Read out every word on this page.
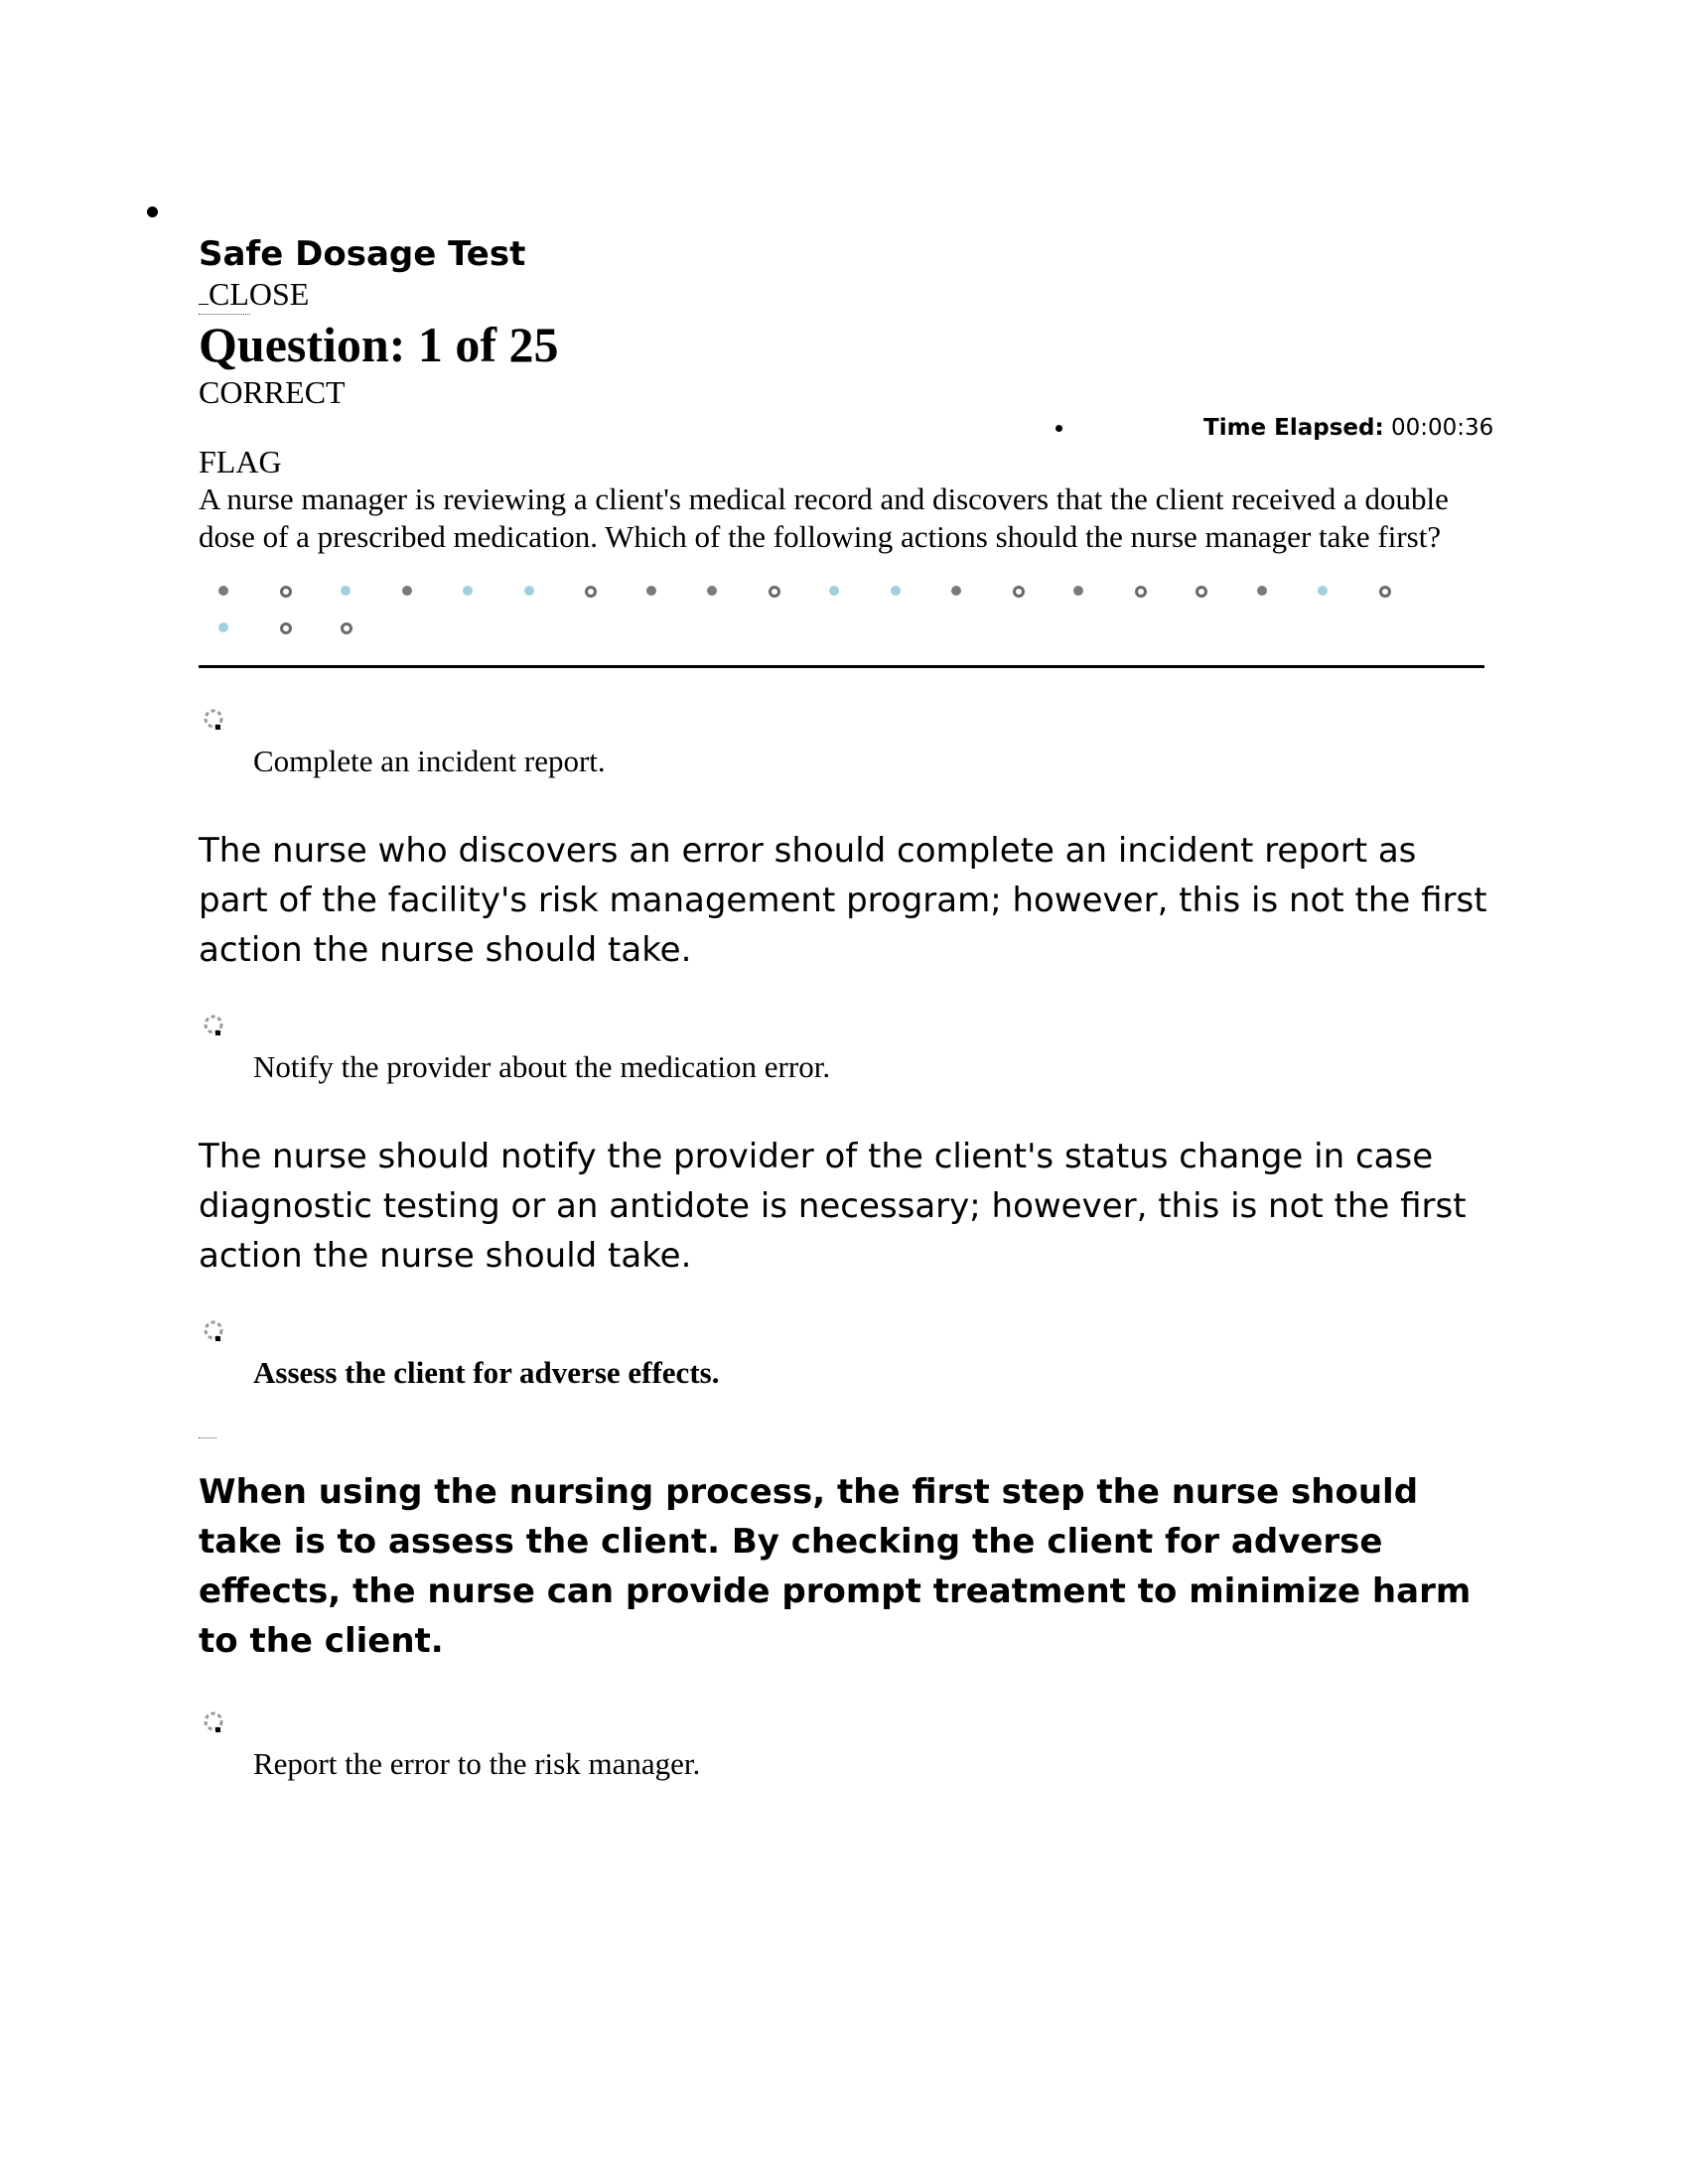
Safe Dosage Test
CLOSE
Question: 1 of 25
CORRECT
Time Elapsed: 00:00:36
FLAG
A nurse manager is reviewing a client's medical record and discovers that the client received a double dose of a prescribed medication. Which of the following actions should the nurse manager take first?
Complete an incident report.
The nurse who discovers an error should complete an incident report as part of the facility's risk management program; however, this is not the first action the nurse should take.
Notify the provider about the medication error.
The nurse should notify the provider of the client's status change in case diagnostic testing or an antidote is necessary; however, this is not the first action the nurse should take.
Assess the client for adverse effects.
When using the nursing process, the first step the nurse should take is to assess the client. By checking the client for adverse effects, the nurse can provide prompt treatment to minimize harm to the client.
Report the error to the risk manager.
